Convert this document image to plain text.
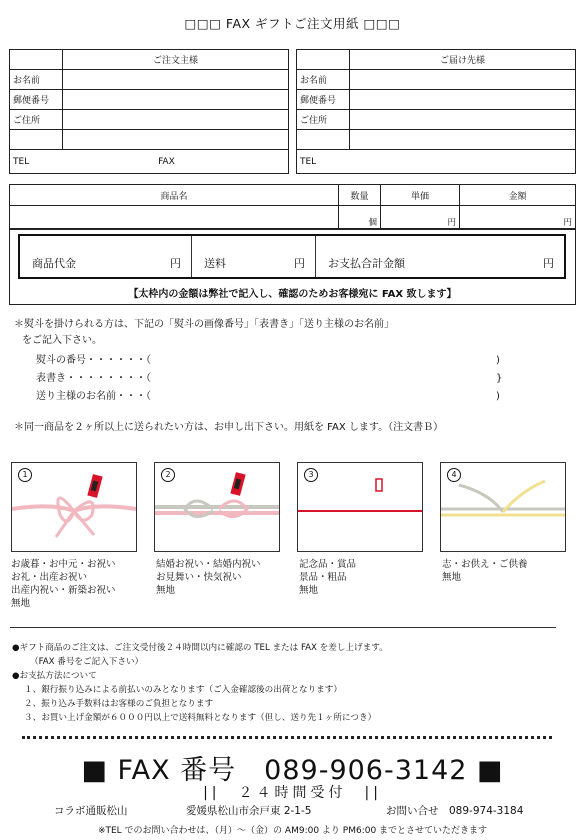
□□□ FAX ギフトご注文用紙 □□□
	ご注文主様
お名前	
郵便番号	
ご住所	

TEL FAX	
	ご届け先様
お名前	
郵便番号	
ご住所	

TEL	
商品名	数量	単価	金額
	個	円	円
商品代金	円 送料	円 お支払合計金額	円
【太枠内の金額は弊社で記入し、確認のためお客様宛に FAX 致します】
＊熨斗を掛けられる方は、下記の「熨斗の画像番号」「表書き」「送り主様のお名前」
をご記入下さい。
熨斗の番号・・・・・・（	)
表書き・・・・・・・・（	}
送り主様のお名前・・・（	)
＊同一商品を２ヶ所以上に送られたい方は、お申し出下さい。用紙を FAX します。（注文書Ｂ）
1	2	3	4
お歳暮・お中元・お祝い
お礼・出産お祝い
出産内祝い・新築お祝い
無地
結婚お祝い・結婚内祝い
お見舞い・快気祝い
無地
記念品・賞品
景品・粗品
無地
志・お供え・ご供養
無地
●ギフト商品のご注文は、ご注文受付後２４時間以内に確認の TEL または FAX を差し上げます。
（FAX 番号をご記入下さい）
●お支払方法について
１、銀行振り込みによる前払いのみとなります（ご入金確認後の出荷となります）
２、振り込み手数料はお客様のご負担となります
３、お買い上げ金額が６０００円以上で送料無料となります（但し、送り先１ヶ所につき）
■ FAX 番号　089-906-3142 ■
||　２４時間受付　||
コラボ通販松山	愛媛県松山市余戸東 2-1-5	お問い合せ　089-974-3184
※TEL でのお問い合わせは、（月）～（金）の AM9:00 より PM6:00 までとさせていただきます
